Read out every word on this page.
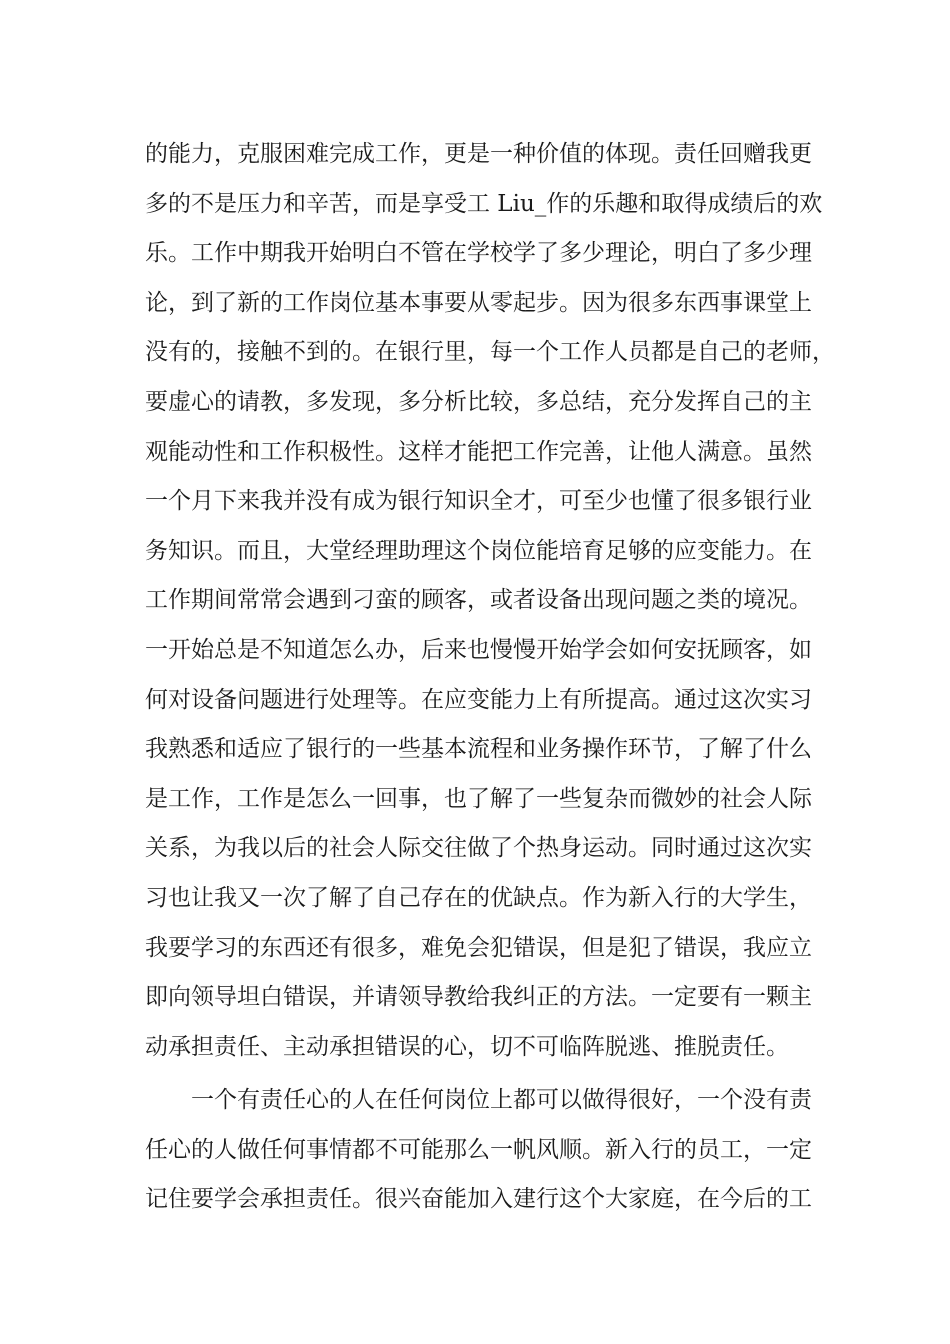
的能力，克服困难完成工作，更是一种价值的体现。责任回赠我更
多的不是压力和辛苦，而是享受工 Liu_作的乐趣和取得成绩后的欢
乐。工作中期我开始明白不管在学校学了多少理论，明白了多少理
论，到了新的工作岗位基本事要从零起步。因为很多东西事课堂上
没有的，接触不到的。在银行里，每一个工作人员都是自己的老师，
要虚心的请教，多发现，多分析比较，多总结，充分发挥自己的主
观能动性和工作积极性。这样才能把工作完善，让他人满意。虽然
一个月下来我并没有成为银行知识全才，可至少也懂了很多银行业
务知识。而且，大堂经理助理这个岗位能培育足够的应变能力。在
工作期间常常会遇到刁蛮的顾客，或者设备出现问题之类的境况。
一开始总是不知道怎么办，后来也慢慢开始学会如何安抚顾客，如
何对设备问题进行处理等。在应变能力上有所提高。通过这次实习
我熟悉和适应了银行的一些基本流程和业务操作环节，了解了什么
是工作，工作是怎么一回事，也了解了一些复杂而微妙的社会人际
关系，为我以后的社会人际交往做了个热身运动。同时通过这次实
习也让我又一次了解了自己存在的优缺点。作为新入行的大学生，
我要学习的东西还有很多，难免会犯错误，但是犯了错误，我应立
即向领导坦白错误，并请领导教给我纠正的方法。一定要有一颗主
动承担责任、主动承担错误的心，切不可临阵脱逃、推脱责任。
一个有责任心的人在任何岗位上都可以做得很好，一个没有责
任心的人做任何事情都不可能那么一帆风顺。新入行的员工，一定
记住要学会承担责任。很兴奋能加入建行这个大家庭，在今后的工
